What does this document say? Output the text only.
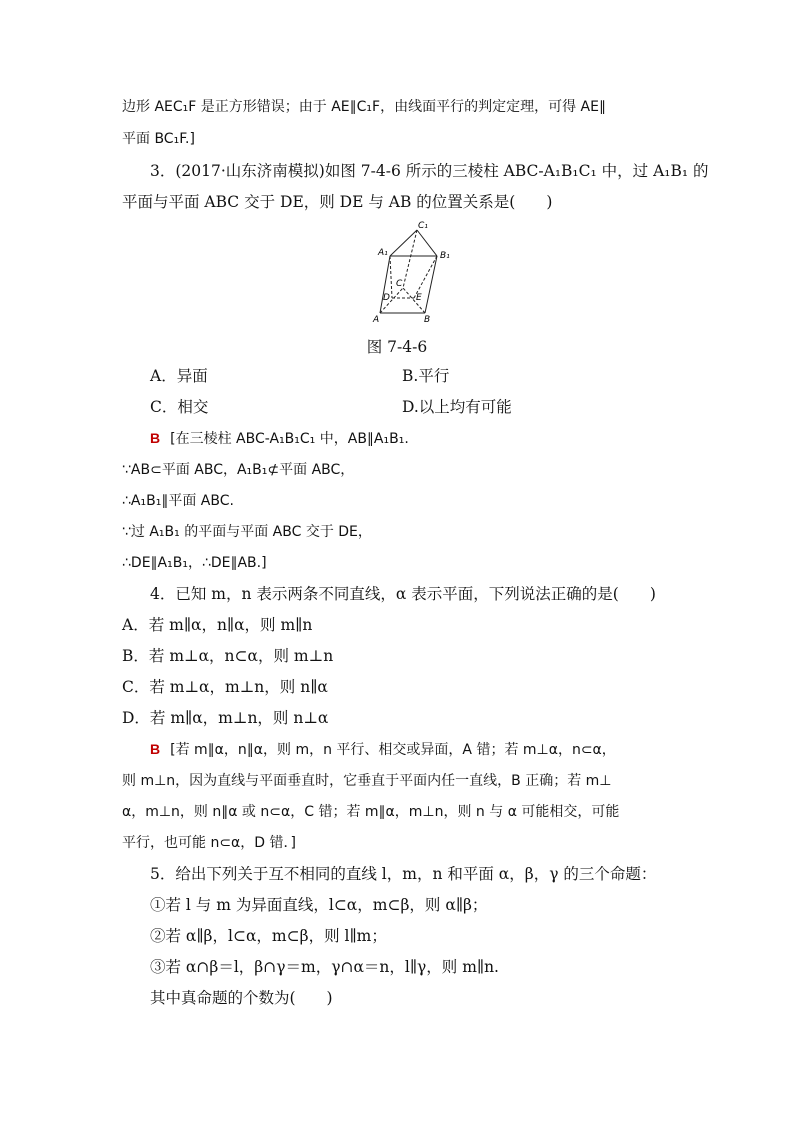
边形 AEC₁F 是正方形错误；由于 AE∥C₁F，由线面平行的判定定理，可得 AE∥
平面 BC₁F.]
3．(2017·山东济南模拟)如图 7-4-6 所示的三棱柱 ABC-A₁B₁C₁ 中，过 A₁B₁ 的
平面与平面 ABC 交于 DE，则 DE 与 AB 的位置关系是(　　)
C₁
A₁	B₁
C
D	E
A	B
图 7-4-6
A．异面	B.平行
C．相交	D.以上均有可能
B [在三棱柱 ABC-A₁B₁C₁ 中，AB∥A₁B₁.
∵AB⊂平面 ABC，A₁B₁⊄平面 ABC，
∴A₁B₁∥平面 ABC.
∵过 A₁B₁ 的平面与平面 ABC 交于 DE，
∴DE∥A₁B₁，∴DE∥AB.]
4．已知 m，n 表示两条不同直线，α 表示平面，下列说法正确的是(　　)
A．若 m∥α，n∥α，则 m∥n
B．若 m⊥α，n⊂α，则 m⊥n
C．若 m⊥α，m⊥n，则 n∥α
D．若 m∥α，m⊥n，则 n⊥α
B [若 m∥α，n∥α，则 m，n 平行、相交或异面，A 错；若 m⊥α，n⊂α，
则 m⊥n，因为直线与平面垂直时，它垂直于平面内任一直线，B 正确；若 m⊥
α，m⊥n，则 n∥α 或 n⊂α，C 错；若 m∥α，m⊥n，则 n 与 α 可能相交，可能
平行，也可能 n⊂α，D 错．]
5．给出下列关于互不相同的直线 l，m，n 和平面 α，β，γ 的三个命题：
①若 l 与 m 为异面直线，l⊂α，m⊂β，则 α∥β；
②若 α∥β，l⊂α，m⊂β，则 l∥m；
③若 α∩β＝l，β∩γ＝m，γ∩α＝n，l∥γ，则 m∥n.
其中真命题的个数为(　　)
